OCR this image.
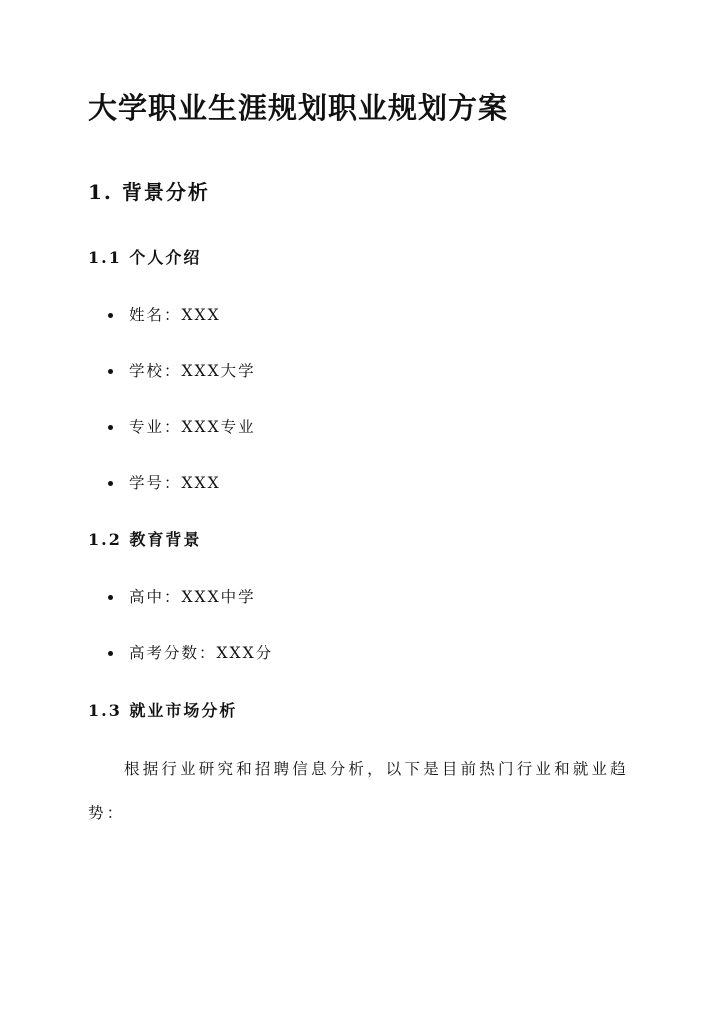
大学职业生涯规划职业规划方案
1. 背景分析
1.1 个人介绍
姓名：XXX
学校：XXX大学
专业：XXX专业
学号：XXX
1.2 教育背景
高中：XXX中学
高考分数：XXX分
1.3 就业市场分析
根据行业研究和招聘信息分析，以下是目前热门行业和就业趋
势：
